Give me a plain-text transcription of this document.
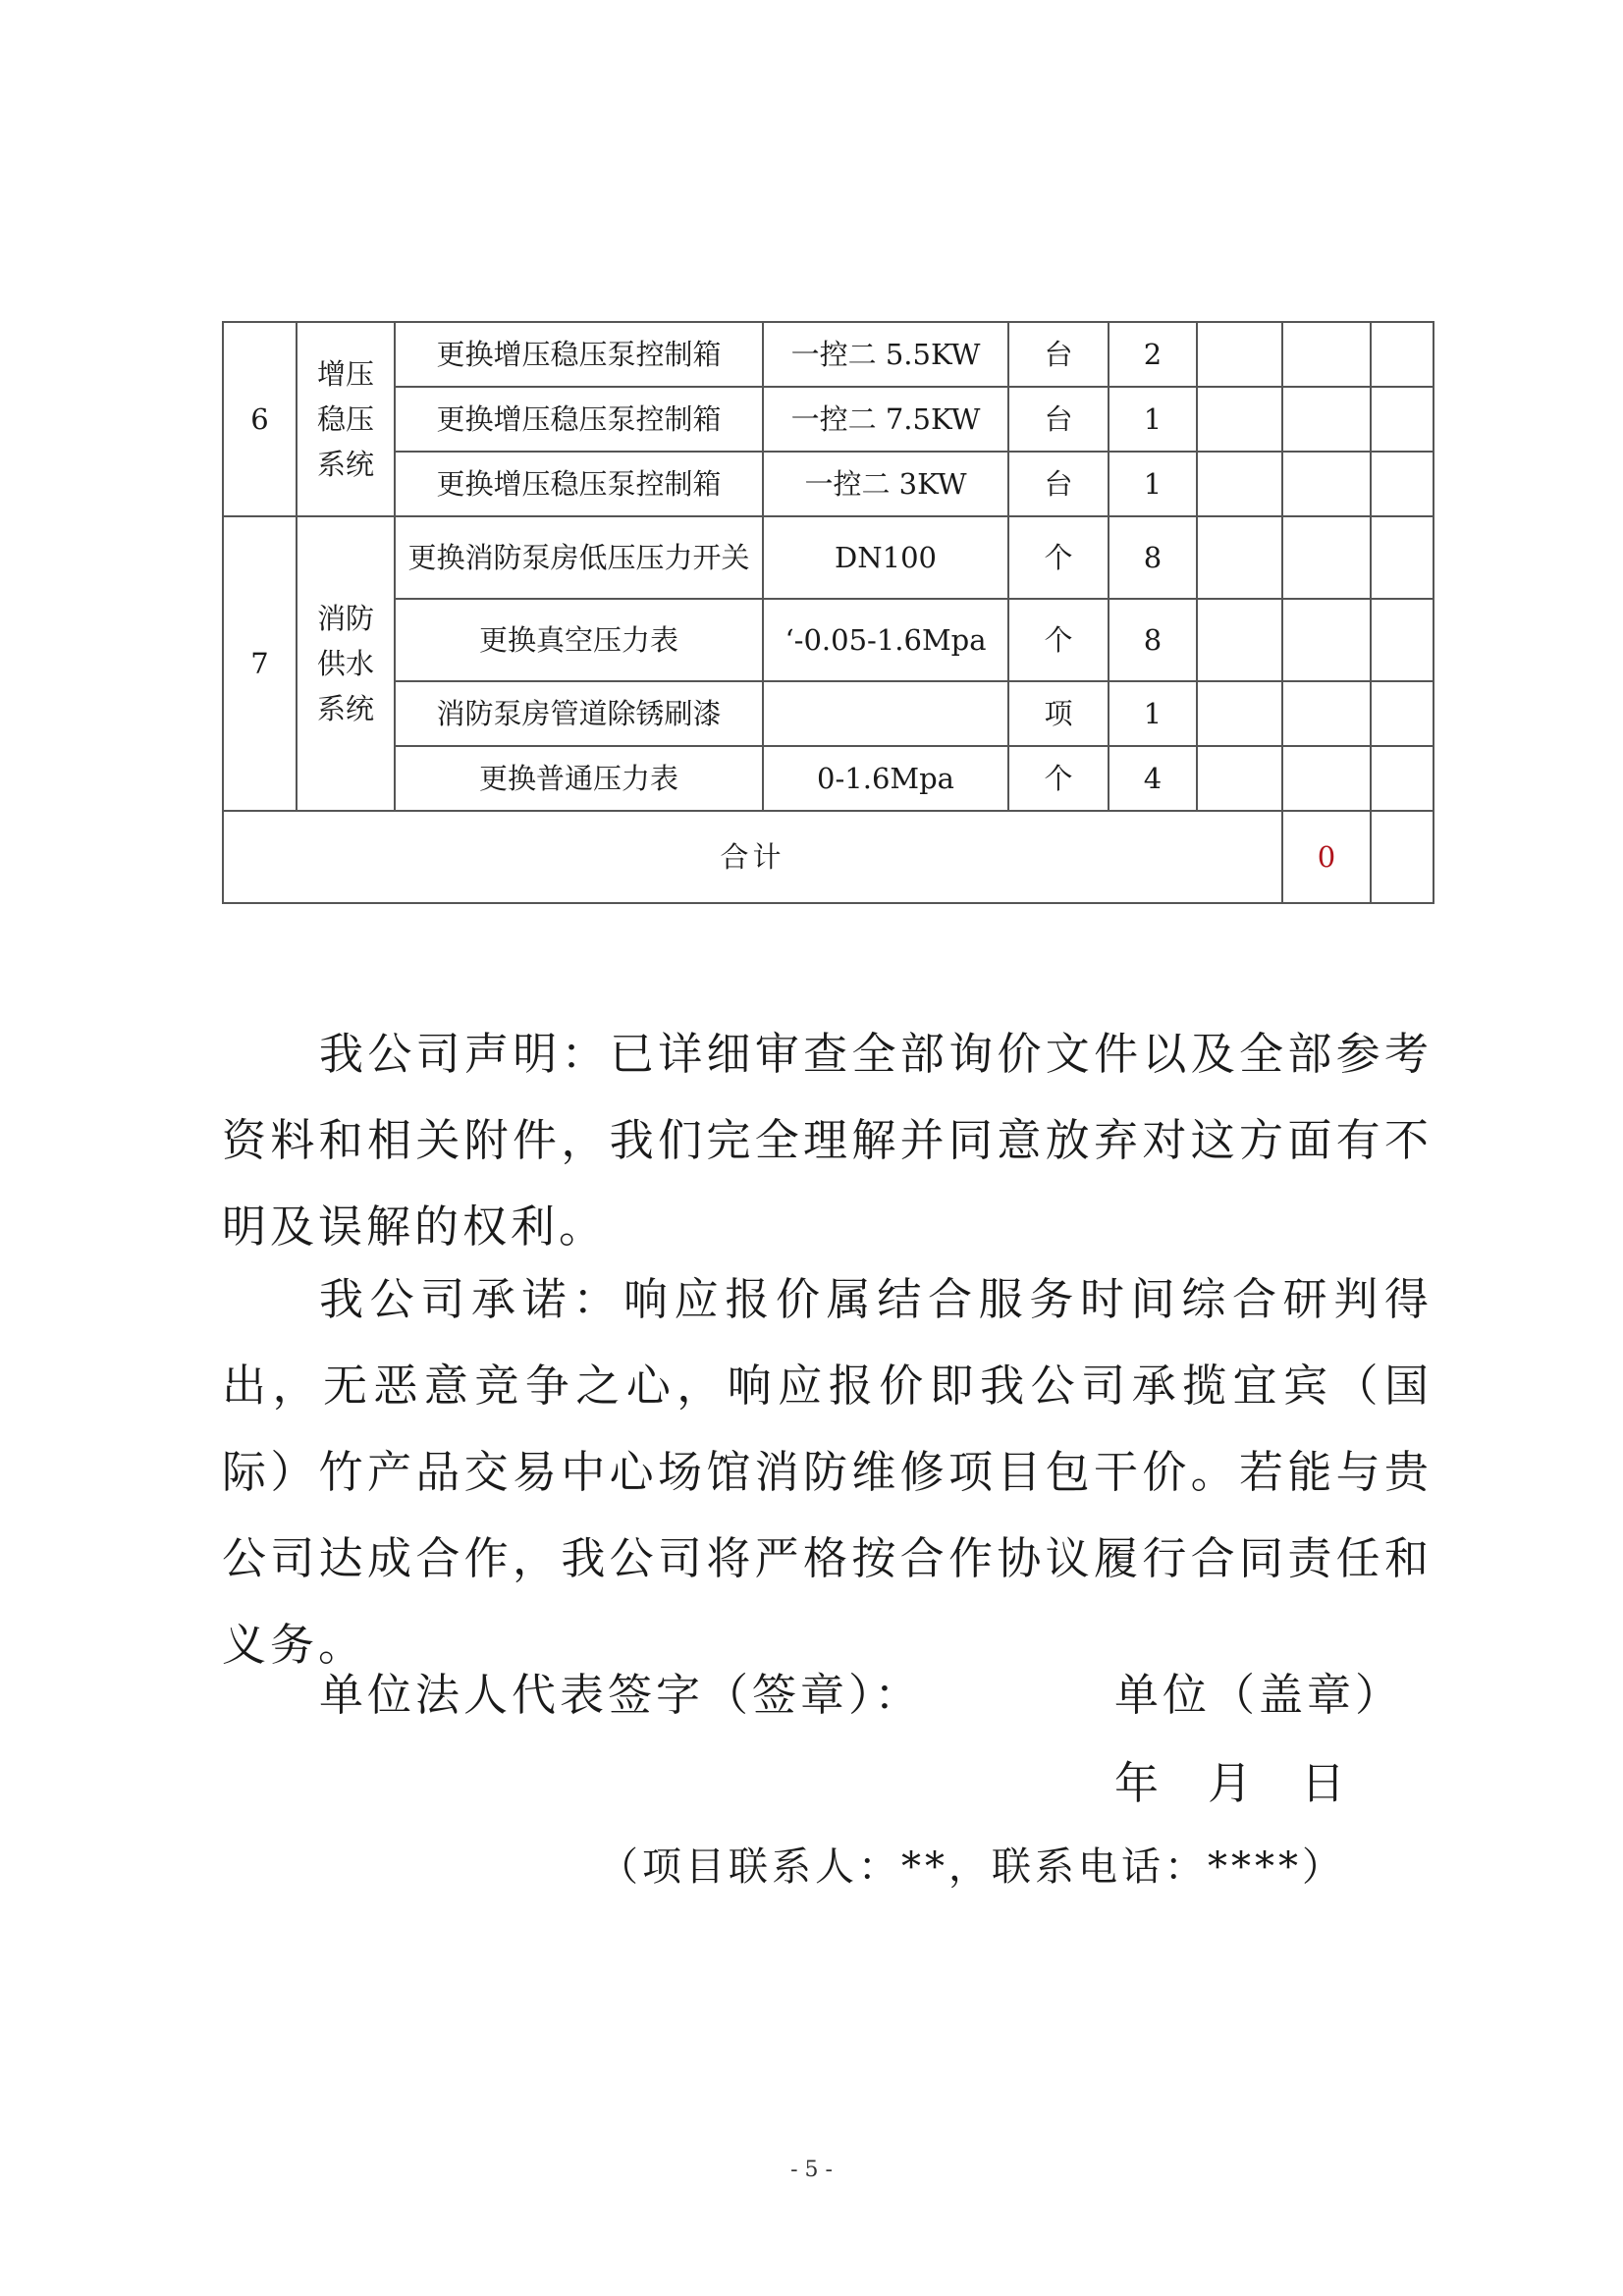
6	增压稳压系统	更换增压稳压泵控制箱	一控二 5.5KW	台	2			
		更换增压稳压泵控制箱	一控二 7.5KW	台	1			
		更换增压稳压泵控制箱	一控二 3KW	台	1			
7	消防供水系统	更换消防泵房低压压力开关	DN100	个	8			
		更换真空压力表	‘-0.05-1.6Mpa	个	8			
		消防泵房管道除锈刷漆		项	1			
		更换普通压力表	0-1.6Mpa	个	4			
合计							0	

我公司声明：已详细审查全部询价文件以及全部参考资料和相关附件，我们完全理解并同意放弃对这方面有不明及误解的权利。

我公司承诺：响应报价属结合服务时间综合研判得出，无恶意竞争之心，响应报价即我公司承揽宜宾（国际）竹产品交易中心场馆消防维修项目包干价。若能与贵公司达成合作，我公司将严格按合作协议履行合同责任和义务。

单位法人代表签字（签章）：	单位（盖章）
年 月 日
（项目联系人：**，联系电话：****）
- 5 -
